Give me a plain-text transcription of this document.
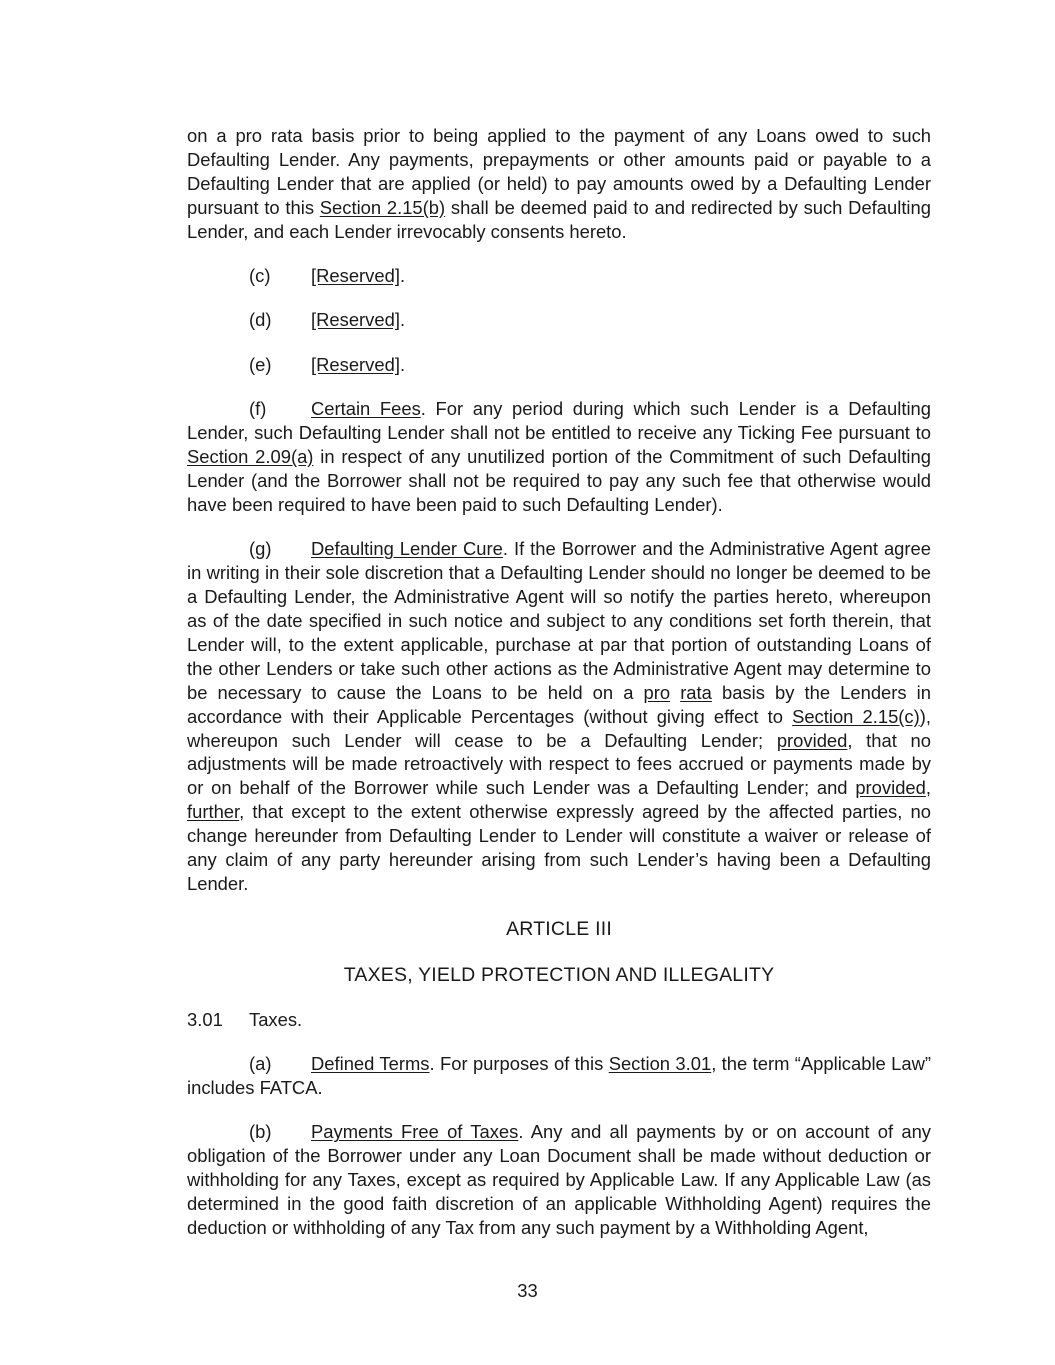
on a pro rata basis prior to being applied to the payment of any Loans owed to such Defaulting Lender. Any payments, prepayments or other amounts paid or payable to a Defaulting Lender that are applied (or held) to pay amounts owed by a Defaulting Lender pursuant to this Section 2.15(b) shall be deemed paid to and redirected by such Defaulting Lender, and each Lender irrevocably consents hereto.

(c)	[Reserved].
(d)	[Reserved].
(e)	[Reserved].

(f) Certain Fees. For any period during which such Lender is a Defaulting Lender, such Defaulting Lender shall not be entitled to receive any Ticking Fee pursuant to Section 2.09(a) in respect of any unutilized portion of the Commitment of such Defaulting Lender (and the Borrower shall not be required to pay any such fee that otherwise would have been required to have been paid to such Defaulting Lender).

(g) Defaulting Lender Cure. If the Borrower and the Administrative Agent agree in writing in their sole discretion that a Defaulting Lender should no longer be deemed to be a Defaulting Lender, the Administrative Agent will so notify the parties hereto, whereupon as of the date specified in such notice and subject to any conditions set forth therein, that Lender will, to the extent applicable, purchase at par that portion of outstanding Loans of the other Lenders or take such other actions as the Administrative Agent may determine to be necessary to cause the Loans to be held on a pro rata basis by the Lenders in accordance with their Applicable Percentages (without giving effect to Section 2.15(c)), whereupon such Lender will cease to be a Defaulting Lender; provided, that no adjustments will be made retroactively with respect to fees accrued or payments made by or on behalf of the Borrower while such Lender was a Defaulting Lender; and provided, further, that except to the extent otherwise expressly agreed by the affected parties, no change hereunder from Defaulting Lender to Lender will constitute a waiver or release of any claim of any party hereunder arising from such Lender’s having been a Defaulting Lender.

ARTICLE III

TAXES, YIELD PROTECTION AND ILLEGALITY

3.01	Taxes.

(a) Defined Terms. For purposes of this Section 3.01, the term “Applicable Law” includes FATCA.

(b) Payments Free of Taxes. Any and all payments by or on account of any obligation of the Borrower under any Loan Document shall be made without deduction or withholding for any Taxes, except as required by Applicable Law. If any Applicable Law (as determined in the good faith discretion of an applicable Withholding Agent) requires the deduction or withholding of any Tax from any such payment by a Withholding Agent,

33
